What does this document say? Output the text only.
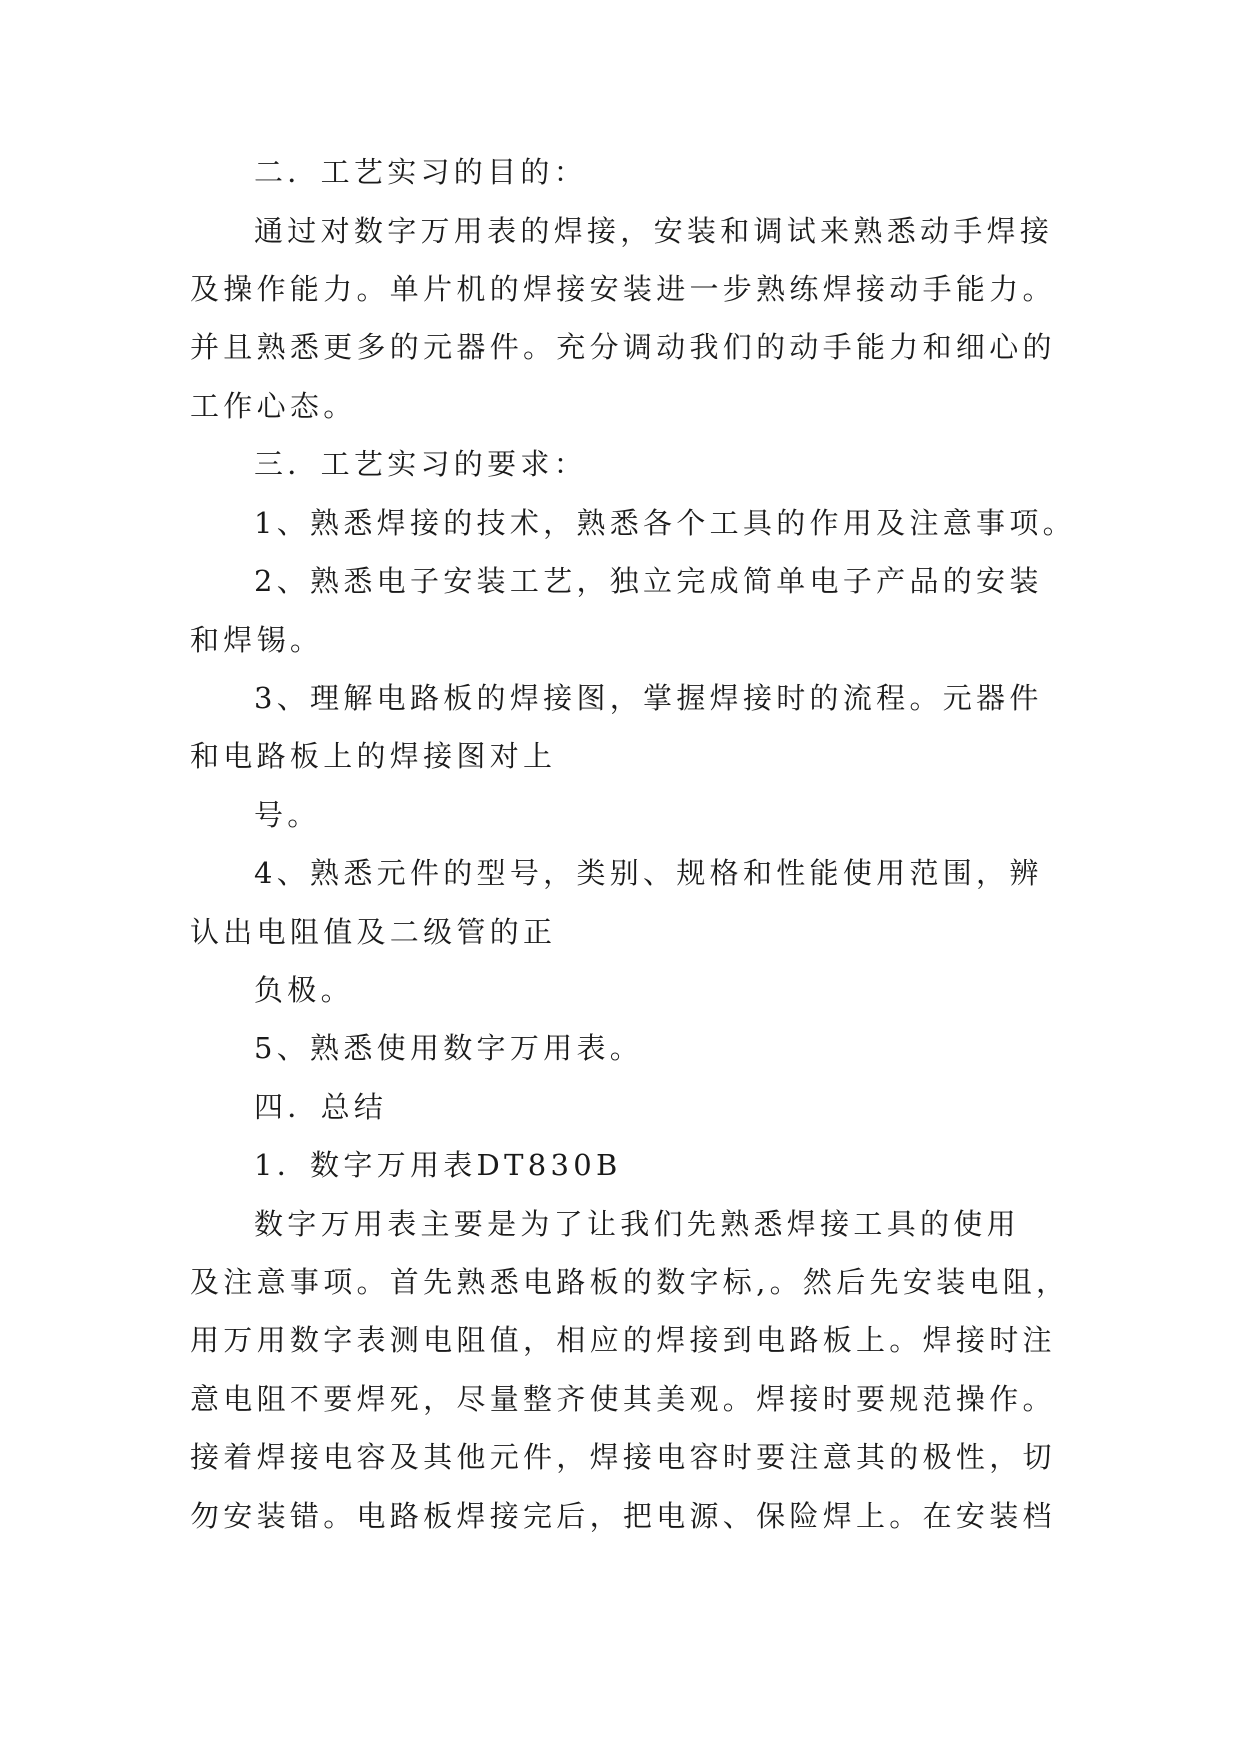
二．工艺实习的目的：
通过对数字万用表的焊接，安装和调试来熟悉动手焊接
及操作能力。单片机的焊接安装进一步熟练焊接动手能力。
并且熟悉更多的元器件。充分调动我们的动手能力和细心的
工作心态。
三．工艺实习的要求：
1、熟悉焊接的技术，熟悉各个工具的作用及注意事项。
2、熟悉电子安装工艺，独立完成简单电子产品的安装
和焊锡。
3、理解电路板的焊接图，掌握焊接时的流程。元器件
和电路板上的焊接图对上
号。
4、熟悉元件的型号，类别、规格和性能使用范围，辨
认出电阻值及二级管的正
负极。
5、熟悉使用数字万用表。
四．总结
1．数字万用表DT830B
数字万用表主要是为了让我们先熟悉焊接工具的使用
及注意事项。首先熟悉电路板的数字标,。然后先安装电阻，
用万用数字表测电阻值，相应的焊接到电路板上。焊接时注
意电阻不要焊死，尽量整齐使其美观。焊接时要规范操作。
接着焊接电容及其他元件，焊接电容时要注意其的极性，切
勿安装错。电路板焊接完后，把电源、保险焊上。在安装档
